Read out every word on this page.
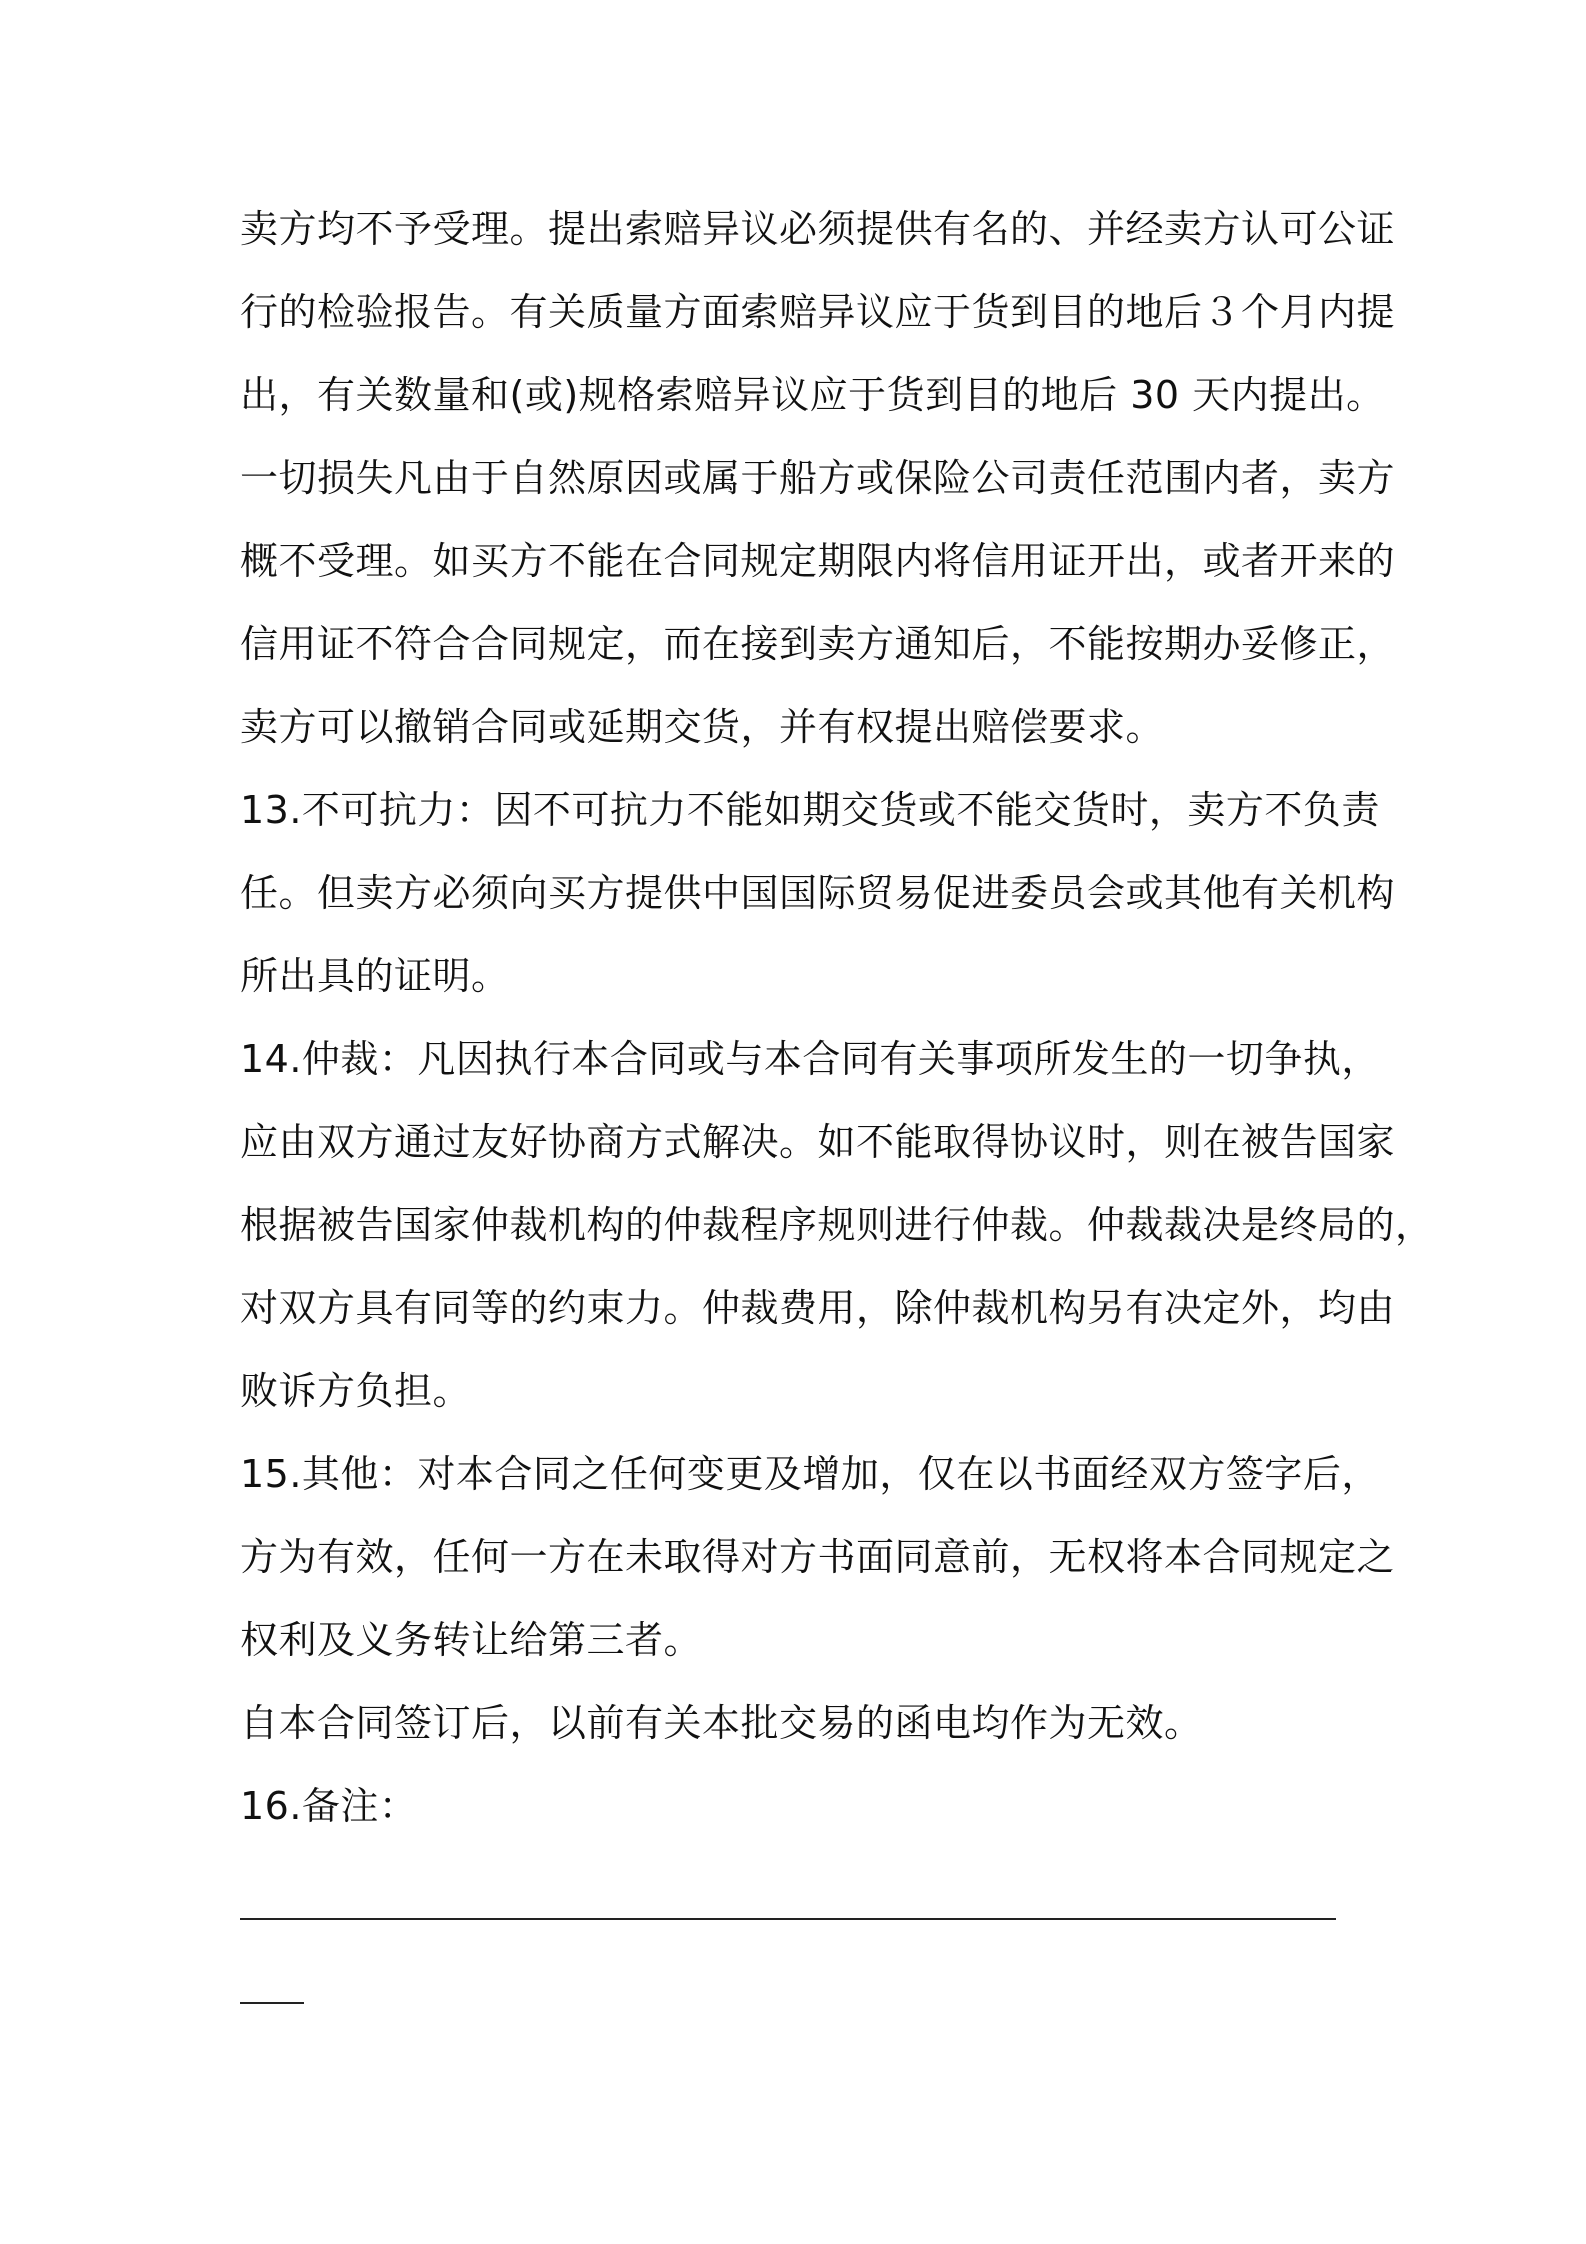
卖方均不予受理。提出索赔异议必须提供有名的、并经卖方认可公证
行的检验报告。有关质量方面索赔异议应于货到目的地后３个月内提
出，有关数量和(或)规格索赔异议应于货到目的地后 30 天内提出。
一切损失凡由于自然原因或属于船方或保险公司责任范围内者，卖方
概不受理。如买方不能在合同规定期限内将信用证开出，或者开来的
信用证不符合合同规定，而在接到卖方通知后，不能按期办妥修正，
卖方可以撤销合同或延期交货，并有权提出赔偿要求。
13.不可抗力：因不可抗力不能如期交货或不能交货时，卖方不负责
任。但卖方必须向买方提供中国国际贸易促进委员会或其他有关机构
所出具的证明。
14.仲裁：凡因执行本合同或与本合同有关事项所发生的一切争执，
应由双方通过友好协商方式解决。如不能取得协议时，则在被告国家
根据被告国家仲裁机构的仲裁程序规则进行仲裁。仲裁裁决是终局的，
对双方具有同等的约束力。仲裁费用，除仲裁机构另有决定外，均由
败诉方负担。
15.其他：对本合同之任何变更及增加，仅在以书面经双方签字后，
方为有效，任何一方在未取得对方书面同意前，无权将本合同规定之
权利及义务转让给第三者。
自本合同签订后，以前有关本批交易的函电均作为无效。
16.备注：
